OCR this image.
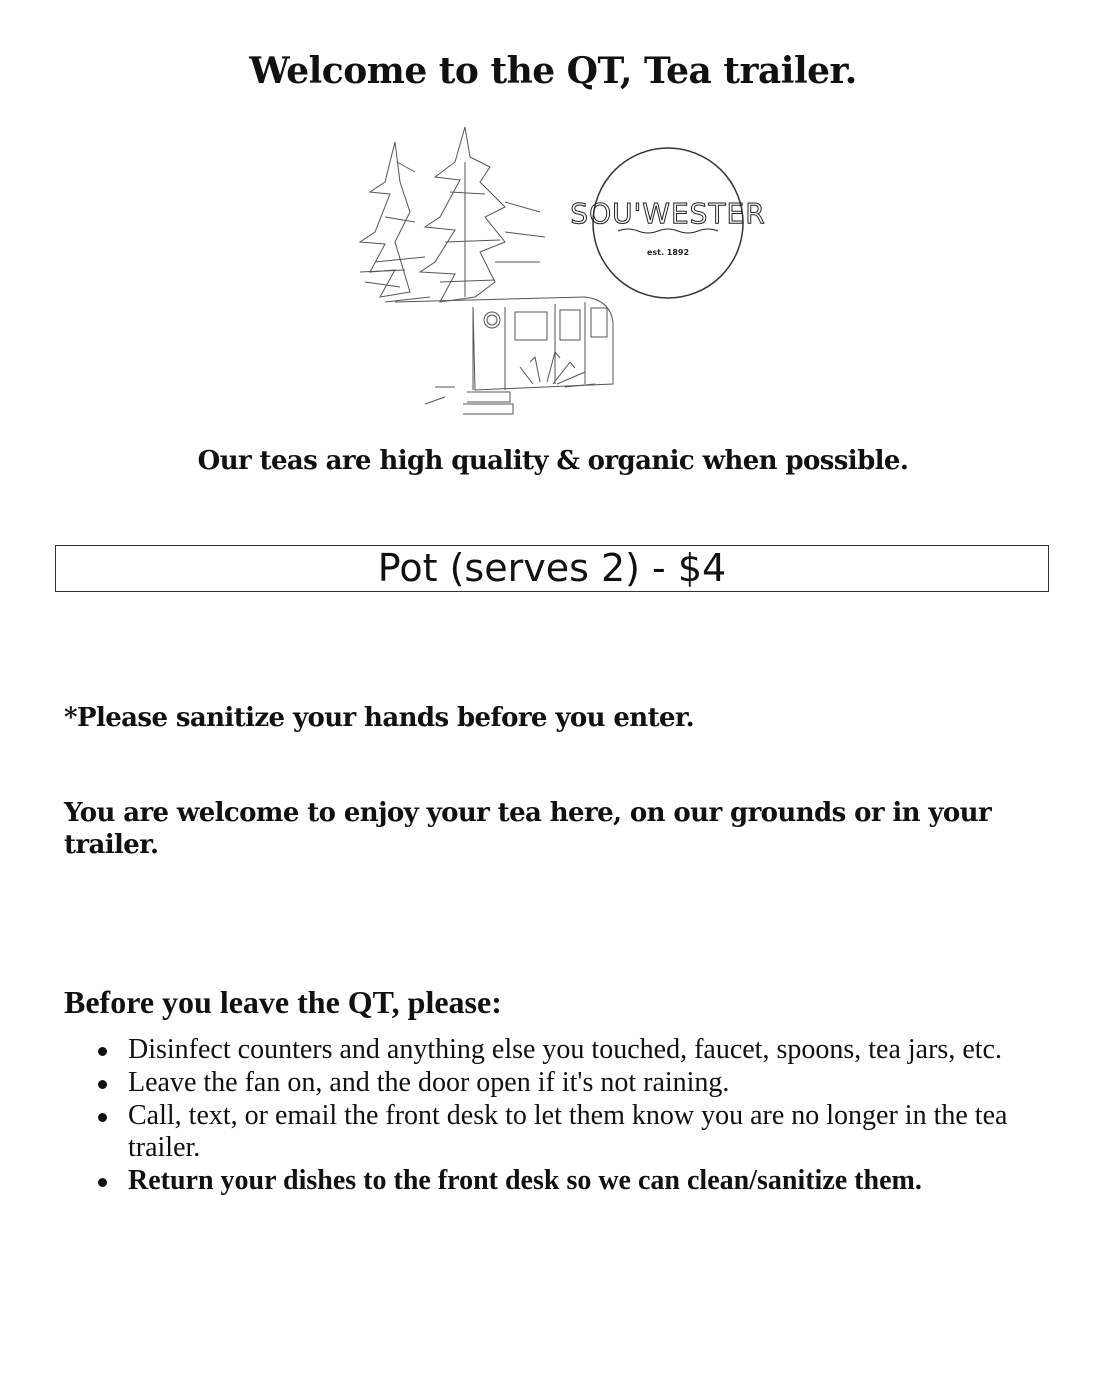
Welcome to the QT, Tea trailer.
SOU'WESTER
est. 1892
Our teas are high quality & organic when possible.
Pot (serves 2) - $4
*Please sanitize your hands before you enter.
You are welcome to enjoy your tea here, on our grounds or in your trailer.
Before you leave the QT, please:
Disinfect counters and anything else you touched, faucet, spoons, tea jars, etc.
Leave the fan on, and the door open if it's not raining.
Call, text, or email the front desk to let them know you are no longer in the tea trailer.
Return your dishes to the front desk so we can clean/sanitize them.
